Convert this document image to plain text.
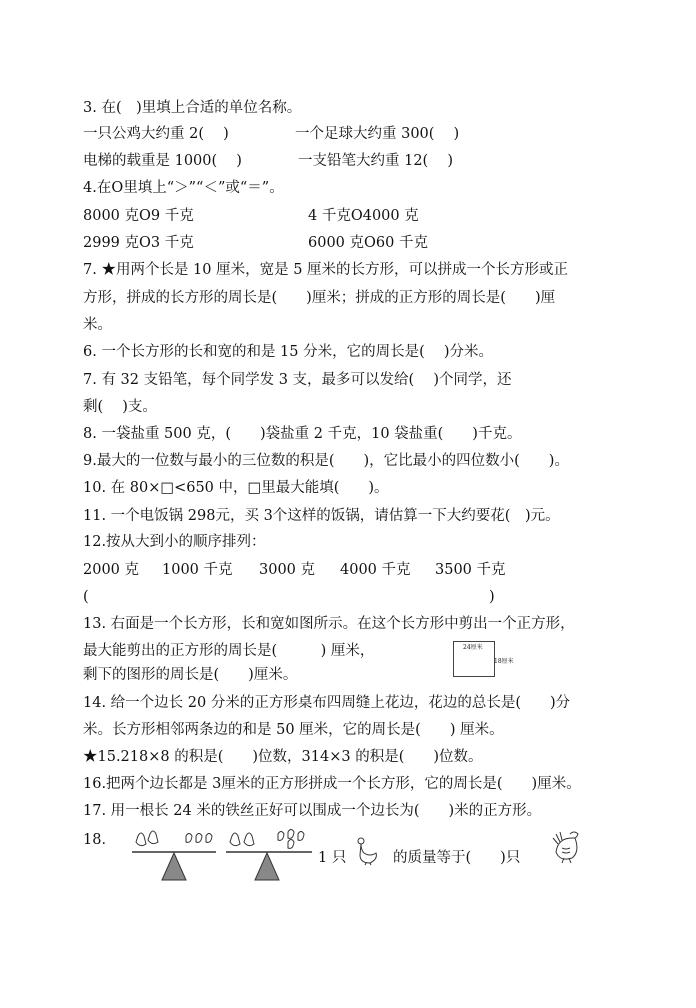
3. 在(　)里填上合适的单位名称。
一只公鸡大约重 2(　 )	一个足球大约重 300(　 )
电梯的载重是 1000(　 )	一支铅笔大约重 12(　 )
4.在O里填上“＞”“＜”或“＝”。
8000 克O9 千克	4 千克O4000 克
2999 克O3 千克	6000 克O60 千克
7. ★用两个长是 10 厘米，宽是 5 厘米的长方形，可以拼成一个长方形或正
方形，拼成的长方形的周长是(　　)厘米；拼成的正方形的周长是(　　)厘
米。
6. 一个长方形的长和宽的和是 15 分米，它的周长是(　 )分米。
7. 有 32 支铅笔，每个同学发 3 支，最多可以发给(　 )个同学，还
剩(　 )支。
8. 一袋盐重 500 克，(　　)袋盐重 2 千克，10 袋盐重(　　)千克。
9.最大的一位数与最小的三位数的积是(　　)，它比最小的四位数小(　　)。
10. 在 80×□<650 中，□里最大能填(　　)。
11. 一个电饭锅 298元，买 3个这样的饭锅，请估算一下大约要花(　)元。
12.按从大到小的顺序排列：
2000 克 1000 千克 3000 克 4000 千克 3500 千克
(	)
13. 右面是一个长方形，长和宽如图所示。在这个长方形中剪出一个正方形，
最大能剪出的正方形的周长是(　　　) 厘米，
剩下的图形的周长是(　　)厘米。
24厘米
18厘米
14. 给一个边长 20 分米的正方形桌布四周缝上花边，花边的总长是(　　)分
米。长方形相邻两条边的和是 50 厘米，它的周长是(　　) 厘米。
★15.218×8 的积是(　　)位数，314×3 的积是(　　)位数。
16.把两个边长都是 3厘米的正方形拼成一个长方形，它的周长是(　　)厘米。
17. 用一根长 24 米的铁丝正好可以围成一个边长为(　　)米的正方形。
18．
1 只	的质量等于(　　)只
